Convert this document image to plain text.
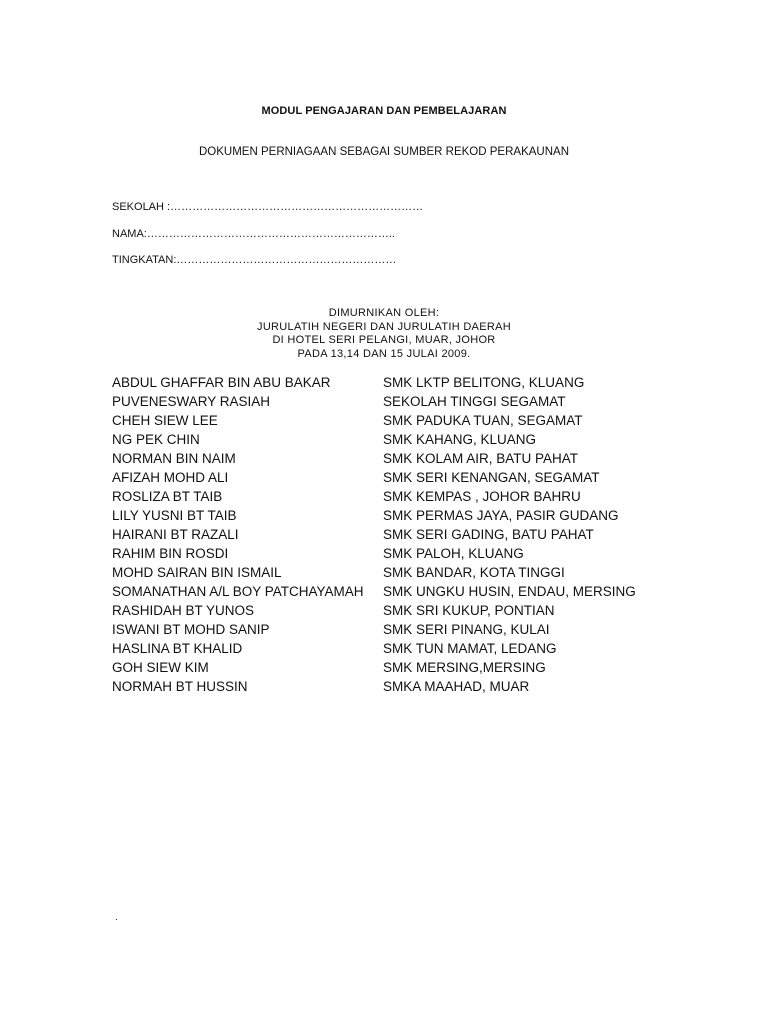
MODUL PENGAJARAN DAN PEMBELAJARAN
DOKUMEN PERNIAGAAN SEBAGAI SUMBER REKOD PERAKAUNAN
SEKOLAH :……………………………………………………………
NAMA:…………………………………………………………..
TINGKATAN:……………………………………………………
DIMURNIKAN OLEH:
JURULATIH NEGERI DAN JURULATIH DAERAH
DI HOTEL SERI PELANGI, MUAR, JOHOR
PADA 13,14 DAN 15 JULAI 2009.
ABDUL GHAFFAR BIN ABU BAKAR	SMK LKTP BELITONG, KLUANG
PUVENESWARY RASIAH	SEKOLAH TINGGI SEGAMAT
CHEH SIEW LEE	SMK PADUKA TUAN, SEGAMAT
NG PEK CHIN	SMK KAHANG, KLUANG
NORMAN BIN NAIM	SMK KOLAM AIR, BATU PAHAT
AFIZAH MOHD ALI	SMK SERI KENANGAN, SEGAMAT
ROSLIZA BT TAIB	SMK KEMPAS , JOHOR BAHRU
LILY YUSNI BT TAIB	SMK PERMAS JAYA, PASIR GUDANG
HAIRANI BT RAZALI	SMK SERI GADING, BATU PAHAT
RAHIM BIN ROSDI	SMK PALOH, KLUANG
MOHD SAIRAN BIN ISMAIL	SMK BANDAR, KOTA TINGGI
SOMANATHAN A/L BOY PATCHAYAMAH	SMK UNGKU HUSIN, ENDAU, MERSING
RASHIDAH BT YUNOS	SMK SRI KUKUP, PONTIAN
ISWANI BT MOHD SANIP	SMK SERI PINANG, KULAI
HASLINA BT KHALID	SMK TUN MAMAT, LEDANG
GOH SIEW KIM	SMK MERSING,MERSING
NORMAH BT HUSSIN	SMKA MAAHAD, MUAR
.
